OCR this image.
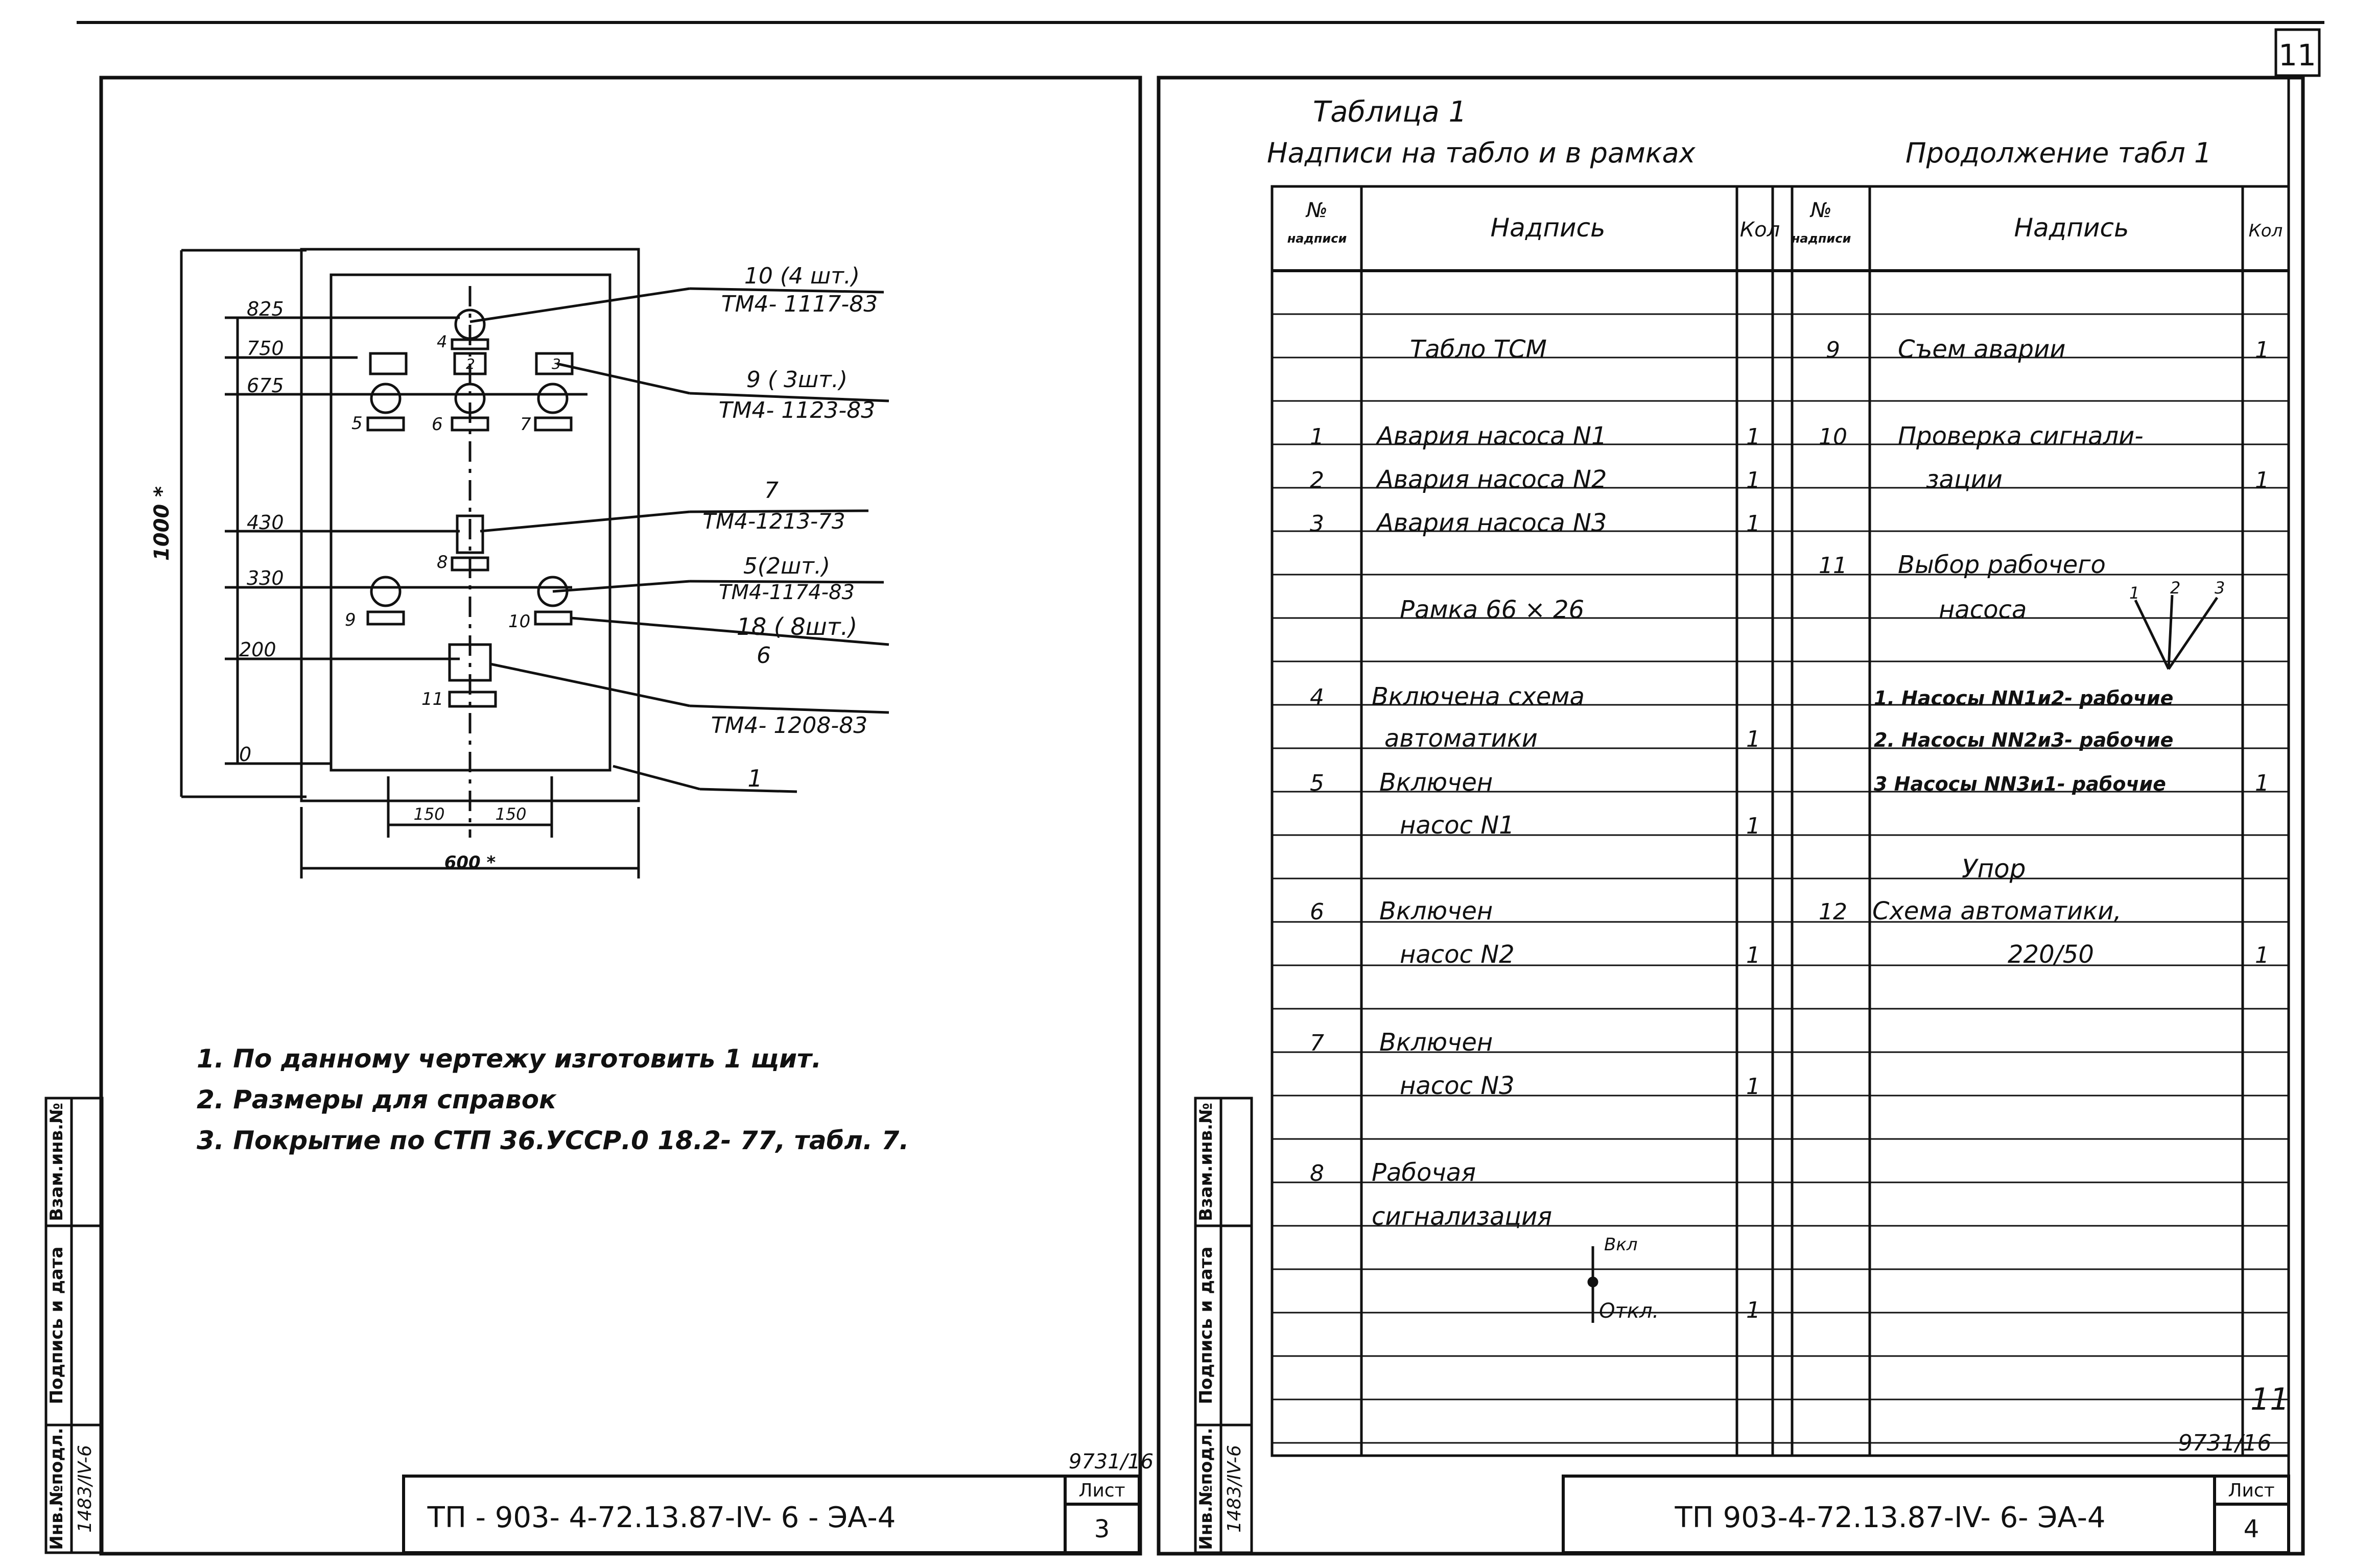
11
1000 *
600 *
825
750
675
430
330
200
0
150	150
4
2	3
5	6	7
8
9	10
11
10 (4 шт.)
ТМ4- 1117-83
9 ( 3шт.)
ТМ4- 1123-83
7
ТМ4-1213-73
5(2шт.)
ТМ4-1174-83
18 ( 8шт.)
6
ТМ4- 1208-83
1
1. По данному чертежу изготовить 1 щит.
2. Размеры для справок
3. Покрытие по СТП 36.УССР.0 18.2- 77, табл. 7.
Инв.№подл.
Подпись и дата
Взам.инв.№
1483/IV-6	9731/16
ТП - 903- 4-72.13.87-IV- 6 - ЭА-4
Лист
3
Таблица 1
Надписи на табло и в рамках	Продолжение табл 1
№
надписи	Надпись	Кол
№
надписи	Надпись	Кол
Табло ТСМ
1 Авария насоса N1	1
2 Авария насоса N2	1
3 Авария насоса N3	1
Рамка 66 × 26
4 Включена схема
автоматики	1
5 Включен
насос N1	1
6 Включен
насос N2	1
7 Включен
насос N3	1
8 Рабочая
сигнализация
Вкл
Откл.	1
9 Съем аварии	1
10 Проверка сигнали-
зации	1
11 Выбор рабочего
насоса
1. Насосы NN1и2- рабочие
2. Насосы NN2и3- рабочие
3 Насосы NN3и1- рабочие	1
Упор
12 Схема автоматики,
220/50	1
1 2 3
11
9731/16
Инв.№подл.
Подпись и дата
Взам.инв.№
1483/IV-6	ТП 903-4-72.13.87-IV- 6- ЭА-4
Лист
4
